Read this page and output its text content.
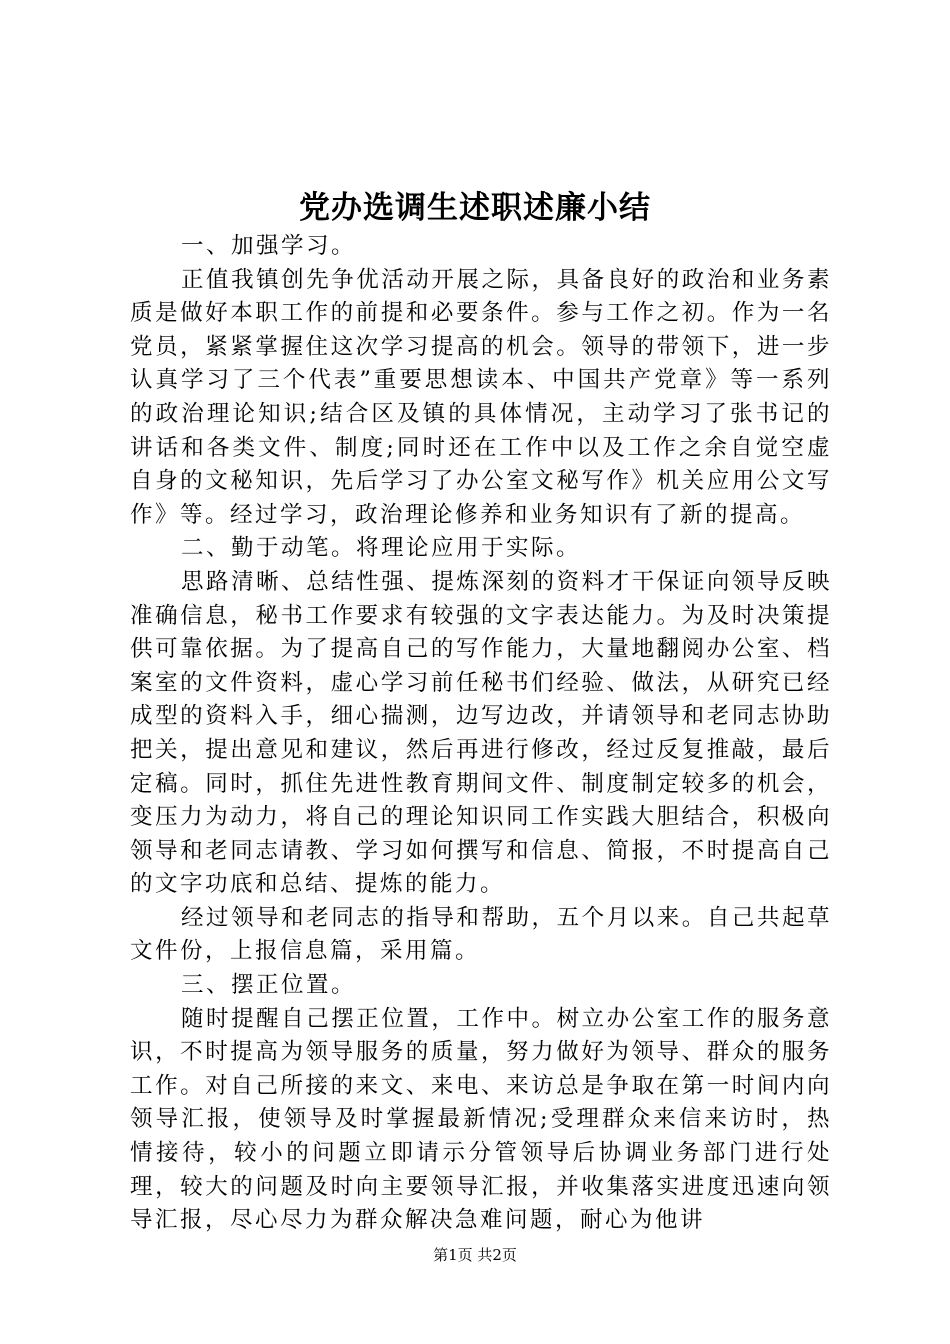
党办选调生述职述廉小结

一、加强学习。

正值我镇创先争优活动开展之际，具备良好的政治和业务素质是做好本职工作的前提和必要条件。参与工作之初。作为一名党员，紧紧掌握住这次学习提高的机会。领导的带领下，进一步认真学习了三个代表”重要思想读本、中国共产党章》等一系列的政治理论知识;结合区及镇的具体情况，主动学习了张书记的讲话和各类文件、制度;同时还在工作中以及工作之余自觉空虚自身的文秘知识，先后学习了办公室文秘写作》机关应用公文写作》等。经过学习，政治理论修养和业务知识有了新的提高。

二、勤于动笔。将理论应用于实际。

思路清晰、总结性强、提炼深刻的资料才干保证向领导反映准确信息，秘书工作要求有较强的文字表达能力。为及时决策提供可靠依据。为了提高自己的写作能力，大量地翻阅办公室、档案室的文件资料，虚心学习前任秘书们经验、做法，从研究已经成型的资料入手，细心揣测，边写边改，并请领导和老同志协助把关，提出意见和建议，然后再进行修改，经过反复推敲，最后定稿。同时，抓住先进性教育期间文件、制度制定较多的机会，变压力为动力，将自己的理论知识同工作实践大胆结合，积极向领导和老同志请教、学习如何撰写和信息、简报，不时提高自己的文字功底和总结、提炼的能力。

经过领导和老同志的指导和帮助，五个月以来。自己共起草文件份，上报信息篇，采用篇。

三、摆正位置。

随时提醒自己摆正位置，工作中。树立办公室工作的服务意识，不时提高为领导服务的质量，努力做好为领导、群众的服务工作。对自己所接的来文、来电、来访总是争取在第一时间内向领导汇报，使领导及时掌握最新情况;受理群众来信来访时，热情接待，较小的问题立即请示分管领导后协调业务部门进行处理，较大的问题及时向主要领导汇报，并收集落实进度迅速向领导汇报，尽心尽力为群众解决急难问题，耐心为他讲

第1页 共2页
